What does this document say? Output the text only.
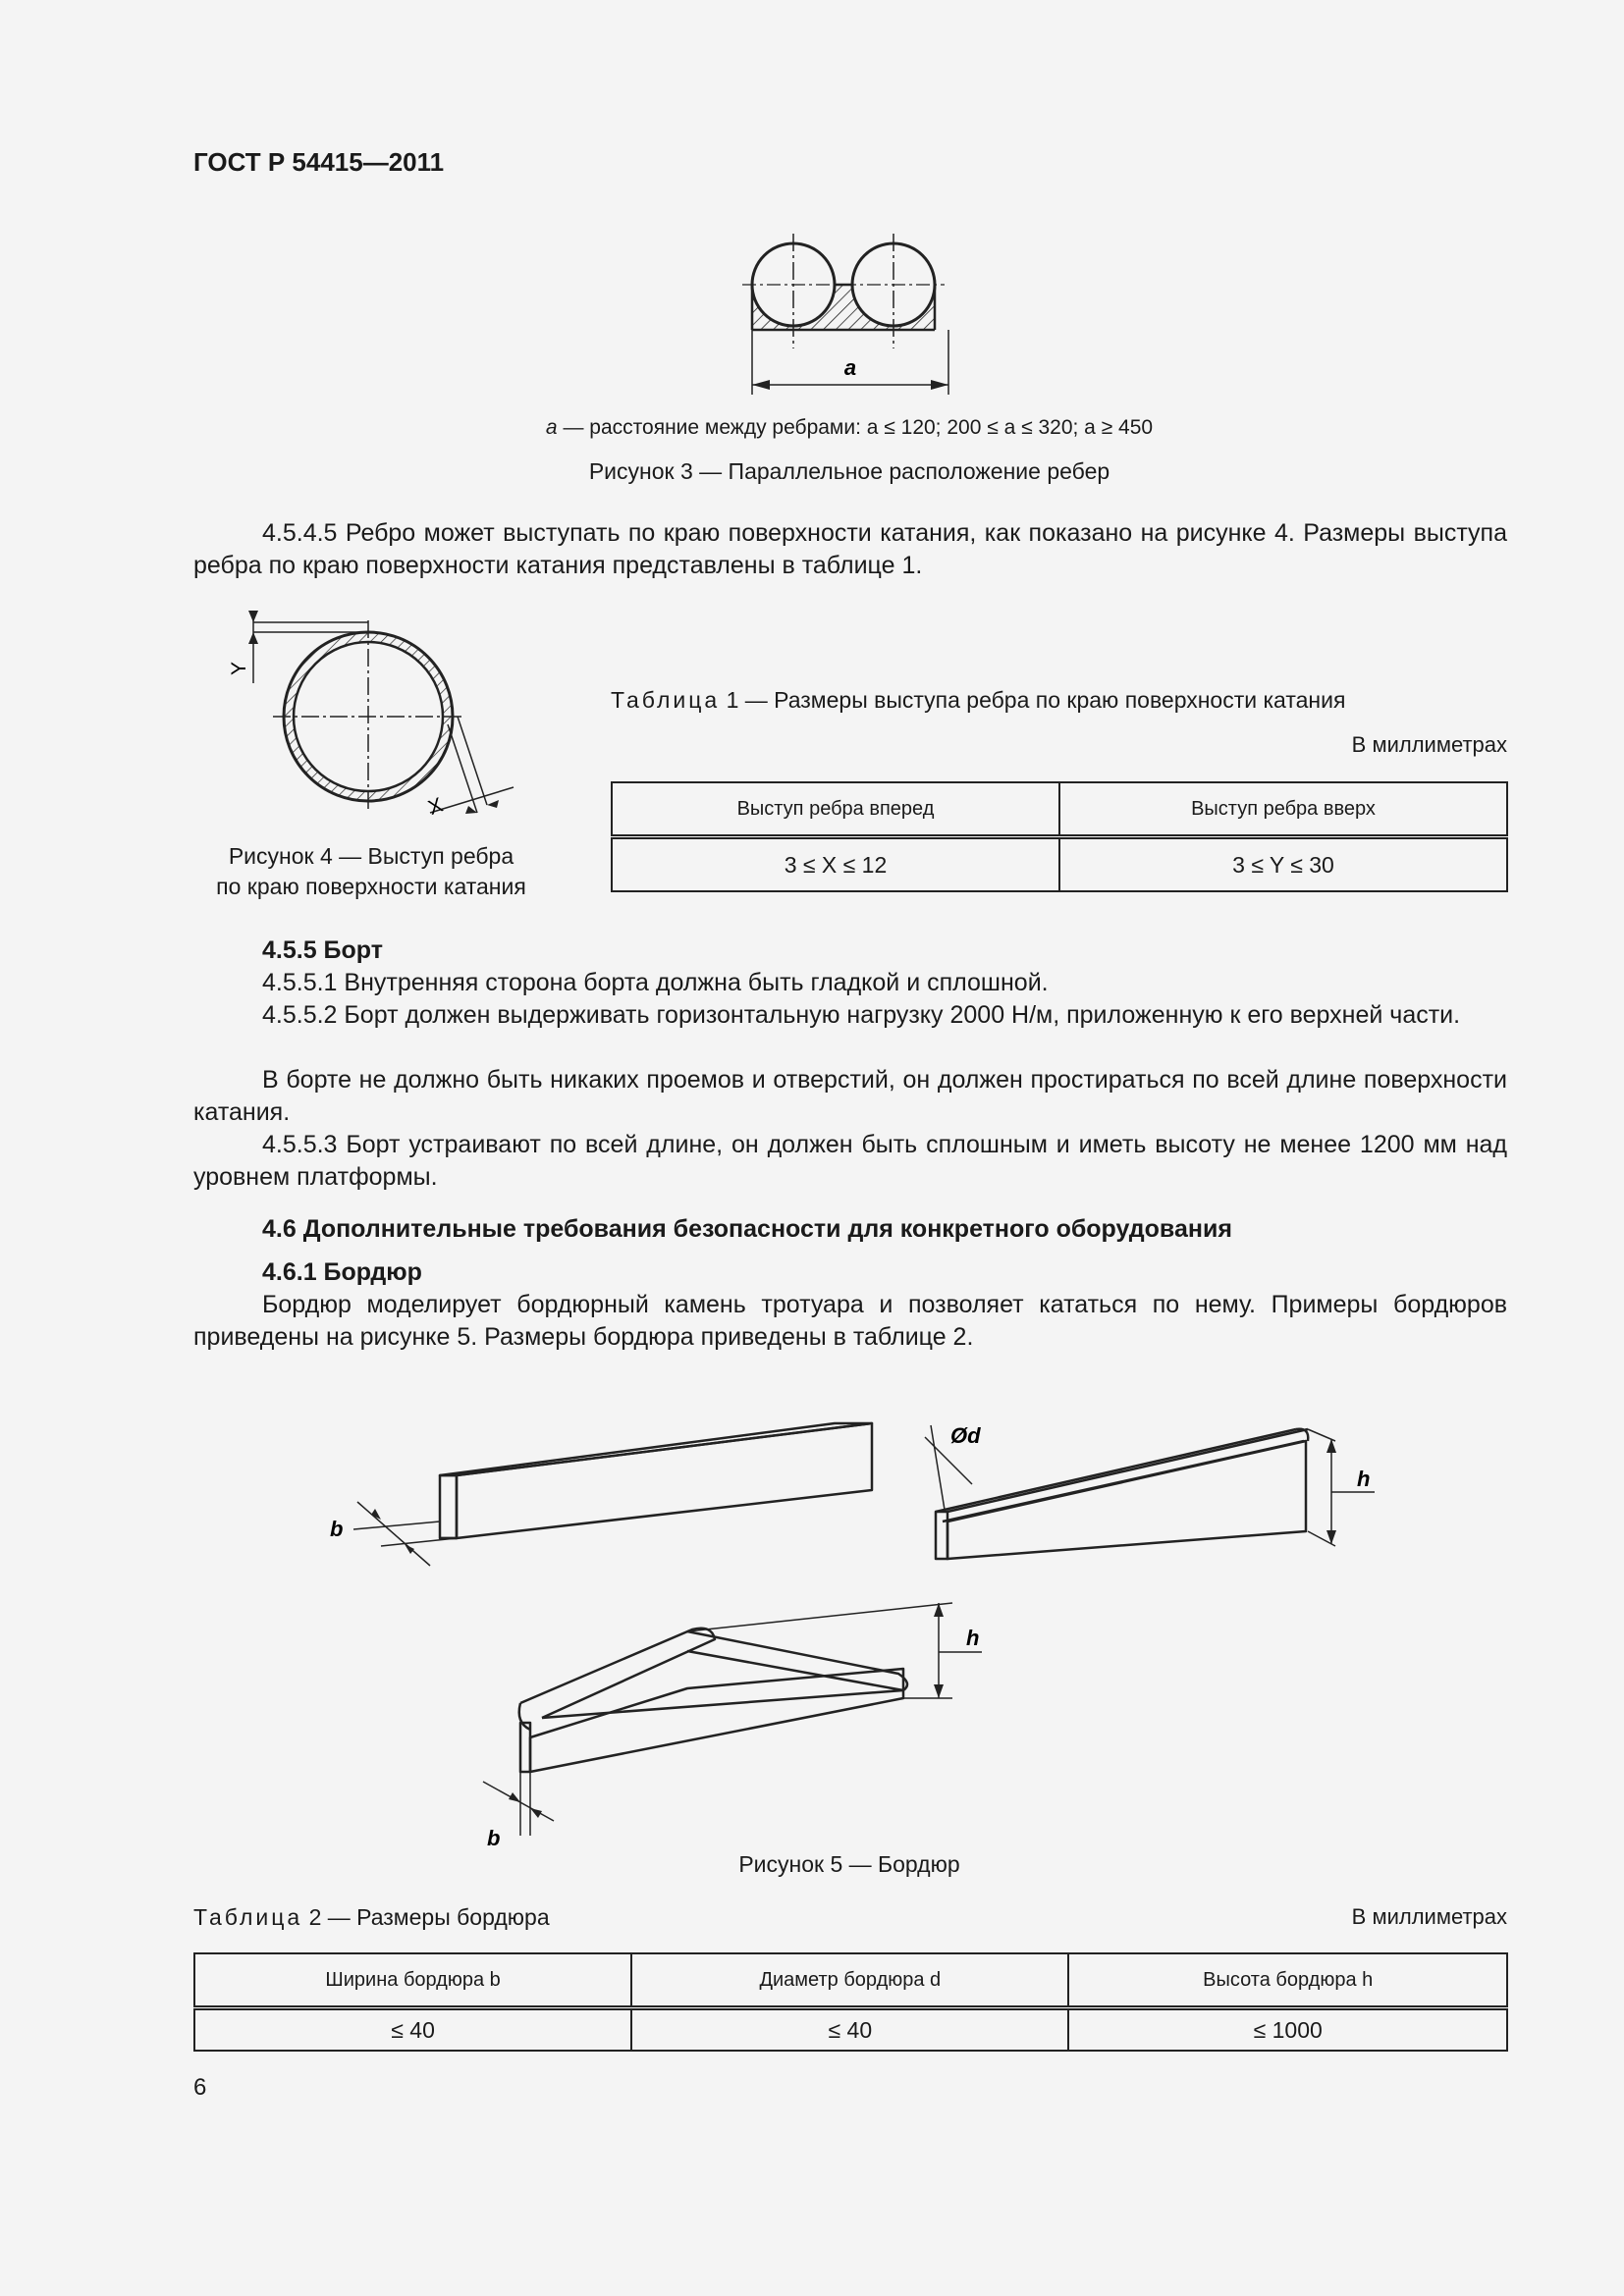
ГОСТ Р 54415—2011
a
a — расстояние между ребрами: a ≤ 120; 200 ≤ a ≤ 320; a ≥ 450
Рисунок 3 — Параллельное расположение ребер
4.5.4.5 Ребро может выступать по краю поверхности катания, как показано на рисунке 4. Размеры выступа ребра по краю поверхности катания представлены в таблице 1.
Y
X
Рисунок 4 — Выступ ребра
по краю поверхности катания
Таблица 1 — Размеры выступа ребра по краю поверхности катания
В миллиметрах
Выступ ребра вперед	Выступ ребра вверх
3 ≤ X ≤ 12	3 ≤ Y ≤ 30
4.5.5 Борт
4.5.5.1 Внутренняя сторона борта должна быть гладкой и сплошной.
4.5.5.2 Борт должен выдерживать горизонтальную нагрузку 2000 Н/м, приложенную к его верхней части.
В борте не должно быть никаких проемов и отверстий, он должен простираться по всей длине поверхности катания.
4.5.5.3 Борт устраивают по всей длине, он должен быть сплошным и иметь высоту не менее 1200 мм над уровнем платформы.
4.6 Дополнительные требования безопасности для конкретного оборудования
4.6.1 Бордюр
Бордюр моделирует бордюрный камень тротуара и позволяет кататься по нему. Примеры бордюров приведены на рисунке 5. Размеры бордюра приведены в таблице 2.
b
Ød
h
h
b
Рисунок 5 — Бордюр
Таблица 2 — Размеры бордюра	В миллиметрах
Ширина бордюра b	Диаметр бордюра d	Высота бордюра h
≤ 40	≤ 40	≤ 1000
6
